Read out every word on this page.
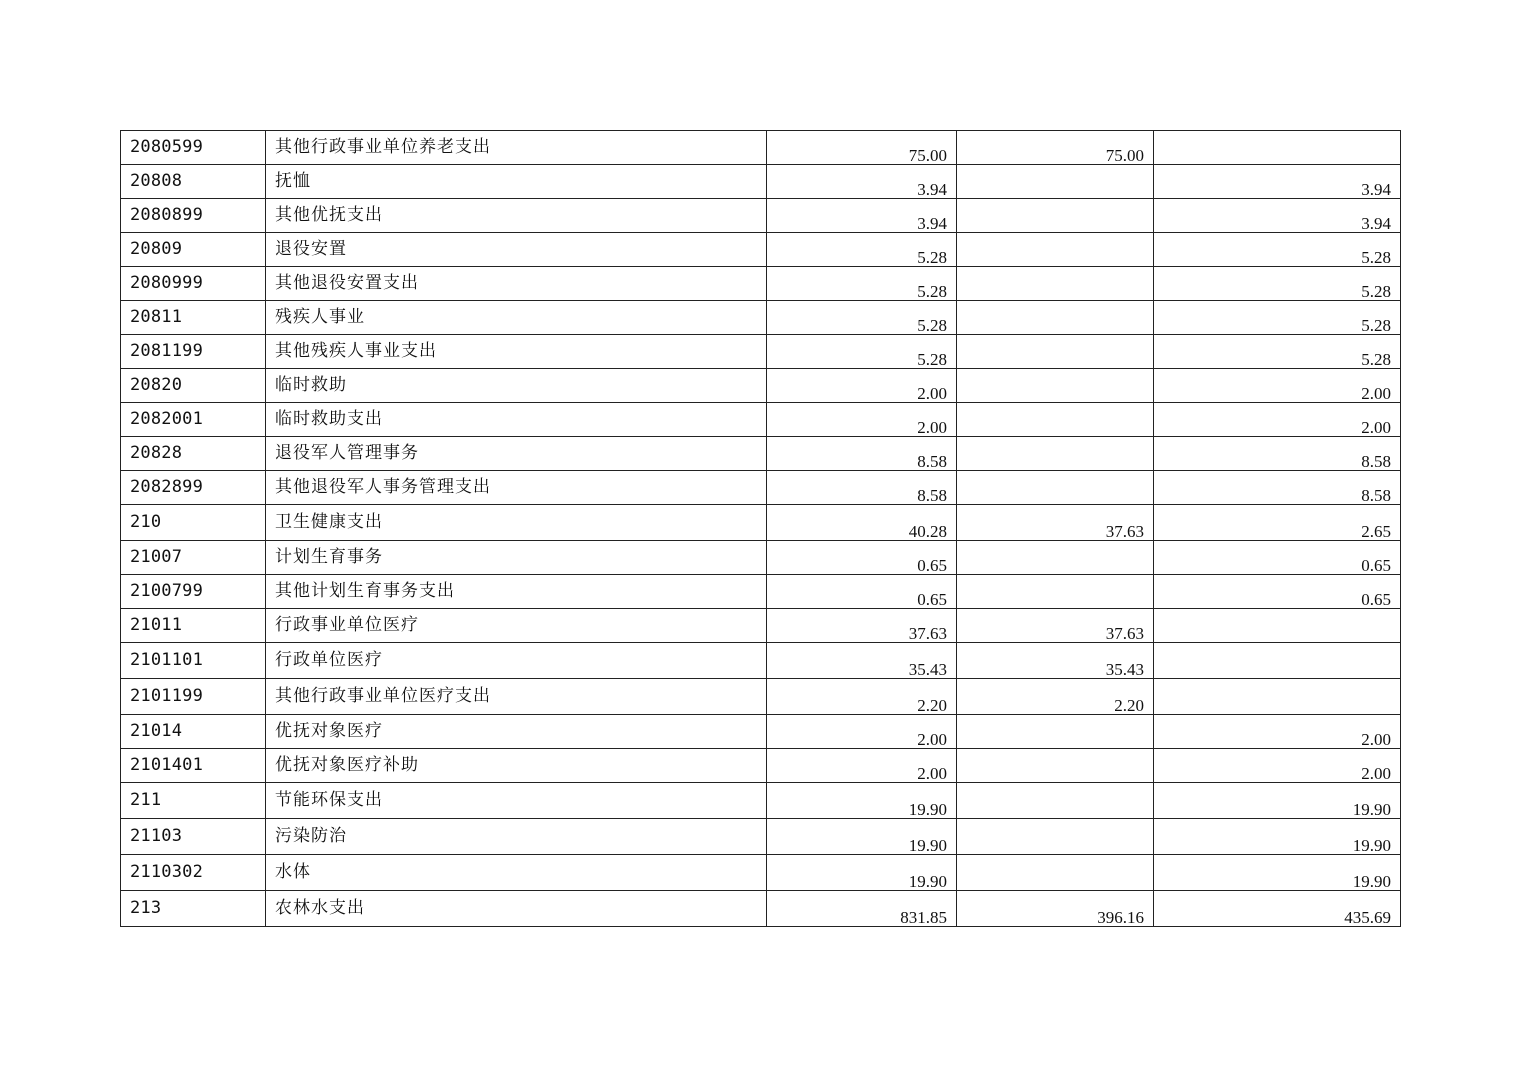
2080599	其他行政事业单位养老支出	75.00	75.00	
20808	抚恤	3.94		3.94
2080899	其他优抚支出	3.94		3.94
20809	退役安置	5.28		5.28
2080999	其他退役安置支出	5.28		5.28
20811	残疾人事业	5.28		5.28
2081199	其他残疾人事业支出	5.28		5.28
20820	临时救助	2.00		2.00
2082001	临时救助支出	2.00		2.00
20828	退役军人管理事务	8.58		8.58
2082899	其他退役军人事务管理支出	8.58		8.58
210	卫生健康支出	40.28	37.63	2.65
21007	计划生育事务	0.65		0.65
2100799	其他计划生育事务支出	0.65		0.65
21011	行政事业单位医疗	37.63	37.63	
2101101	行政单位医疗	35.43	35.43	
2101199	其他行政事业单位医疗支出	2.20	2.20	
21014	优抚对象医疗	2.00		2.00
2101401	优抚对象医疗补助	2.00		2.00
211	节能环保支出	19.90		19.90
21103	污染防治	19.90		19.90
2110302	水体	19.90		19.90
213	农林水支出	831.85	396.16	435.69
